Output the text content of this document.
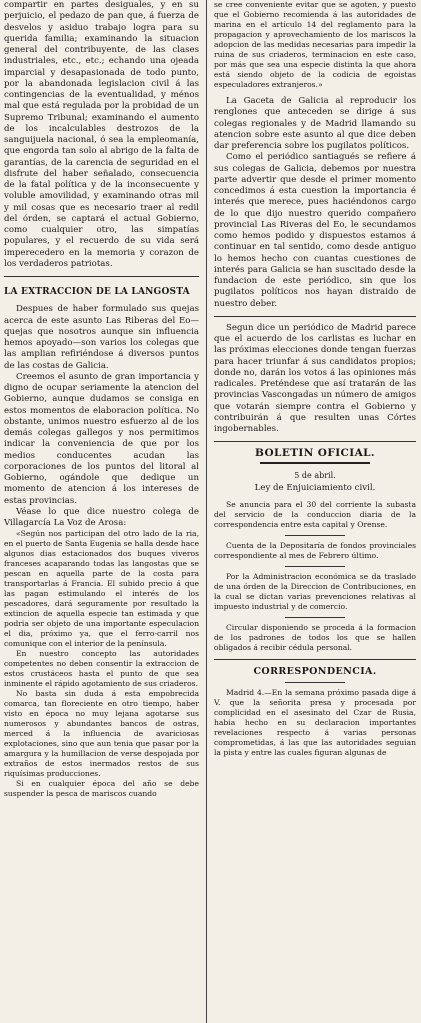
compartir en partes desiguales, y en su perjuicio, el pedazo de pan que, á fuerza de desvelos y asiduo trabajo logra para su querida familia; examinando la situacion general del contribuyente, de las clases industriales, etc., etc.; echando una ojeada imparcial y desapasionada de todo punto, por la abandonada legislacion civil á las contingencias de la eventualidad, y ménos mal que está regulada por la probidad de un Supremo Tribunal; examinando el aumento de los incalculables destrozos de la sanguijuela nacional, ó sea la empleomanía, que engorda tan solo al abrigo de la falta de garantías, de la carencia de seguridad en el disfrute del haber señalado, consecuencia de la fatal política y de la inconsecuente y voluble amovilidad, y examinando otras mil y mil cosas que es necesario traer al redil del órden, se captará el actual Gobierno, como cualquier otro, las simpatías populares, y el recuerdo de su vida será imperecedero en la memoria y corazon de los verdaderos patriotas.

LA EXTRACCION DE LA LANGOSTA

Despues de haber formulado sus quejas acerca de este asunto Las Riberas del Eo—quejas que nosotros aunque sin influencia hemos apoyado—son varios los colegas que las amplian refiriéndose á diversos puntos de las costas de Galicia.

Creemos el asunto de gran importancia y digno de ocupar seriamente la atencion del Gobierno, aunque dudamos se consiga en estos momentos de elaboracion política. No obstante, unimos nuestro esfuerzo al de los demás colegas gallegos y nos permitimos indicar la conveniencia de que por los medios conducentes acudan las corporaciones de los puntos del litoral al Gobierno, ogándole que dedique un momento de atencion á los intereses de estas provincias.

Véase lo que dice nuestro colega de Villagarcía La Voz de Arosa:

«Según nos participan del otro lado de la ria, en el puerto de Santa Eugenia se halla desde hace algunos dias estacionados dos buques viveros franceses acaparando todas las langostas que se pescan en aquella parte de la costa para transportarlas á Francia. El subido precio á que las pagan estimulando el interés de los pescadores, dará seguramente por resultado la extincion de aquella especie tan estimada y que podria ser objeto de una importante especulacion el dia, próximo ya, que el ferro-carril nos comunique con el interior de la península.

En nuestro concepto las autoridades competentes no deben consentir la extraccion de estos crustáceos hasta el punto de que sea inminente el rápido agotamiento de sus criaderos.

No basta sin duda á esta empobrecida comarca, tan floreciente en otro tiempo, haber visto en época no muy lejana agotarse sus numerosos y abundantes bancos de ostras, merced á la influencia de avariciosas explotaciones, sino que aun tenia que pasar por la amargura y la humillacion de verse despojada por extraños de estos inermados restos de sus riquísimas producciones.

Si en cualquier época del año se debe suspender la pesca de mariscos cuando

se cree conveniente evitar que se agoten, y puesto que el Gobierno recomienda á las autoridades de marina en el artículo 14 del reglamento para la propagacion y aprovechamiento de los mariscos la adopcion de las medidas necesarias para impedir la ruina de sus criaderos, terminacion en este caso, por más que sea una especie distinta la que ahora está siendo objeto de la codicia de egoistas especuladores extranjeros.»

La Gaceta de Galicia al reproducir los renglones que anteceden se dirige á sus colegas regionales y de Madrid llamando su atencion sobre este asunto al que dice deben dar preferencia sobre los pugilatos políticos.

Como el periódico santiagués se refiere á sus colegas de Galicia, debemos por nuestra parte advertir que desde el primer momento concedimos á esta cuestion la importancia é interés que merece, pues haciéndonos cargo de lo que dijo nuestro querido compañero provincial Las Riveras del Eo, le secundamos como hemos podido y dispuestos estamos á continuar en tal sentido, como desde antiguo lo hemos hecho con cuantas cuestiones de interés para Galicia se han suscitado desde la fundacion de este periódico, sin que los pugilatos políticos nos hayan distraido de nuestro deber.

Segun dice un periódico de Madrid parece que el acuerdo de los carlistas es luchar en las próximas elecciones donde tengan fuerzas para hacer triunfar á sus candidatos propios; donde no, darán los votos á las opiniones más radicales. Preténdese que así tratarán de las provincias Vascongadas un número de amigos que votarán siempre contra el Gobierno y contribuirán á que resulten unas Córtes ingobernables.

BOLETIN OFICIAL.
5 de abril.
Ley de Enjuiciamiento civil.

Se anuncia para el 30 del corriente la subasta del servicio de la conduccion diaria de la correspondencia entre esta capital y Orense.

Cuenta de la Depositaría de fondos provinciales correspondiente al mes de Febrero último.

Por la Administracion económica se da traslado de una órden de la Direccion de Contribuciones, en la cual se dictan varias prevenciones relativas al impuesto industrial y de comercio.

Circular disponiendo se proceda á la formacion de los padrones de todos los que se hallen obligados á recibir cédula personal.

CORRESPONDENCIA.

Madrid 4.—En la semana próximo pasada dige á V. que la señorita presa y procesada por complicidad en el asesinato del Czar de Rusia, habia hecho en su declaracion importantes revelaciones respecto á varias personas comprometidas, á las que las autoridades seguian la pista y entre las cuales figuran algunas de
